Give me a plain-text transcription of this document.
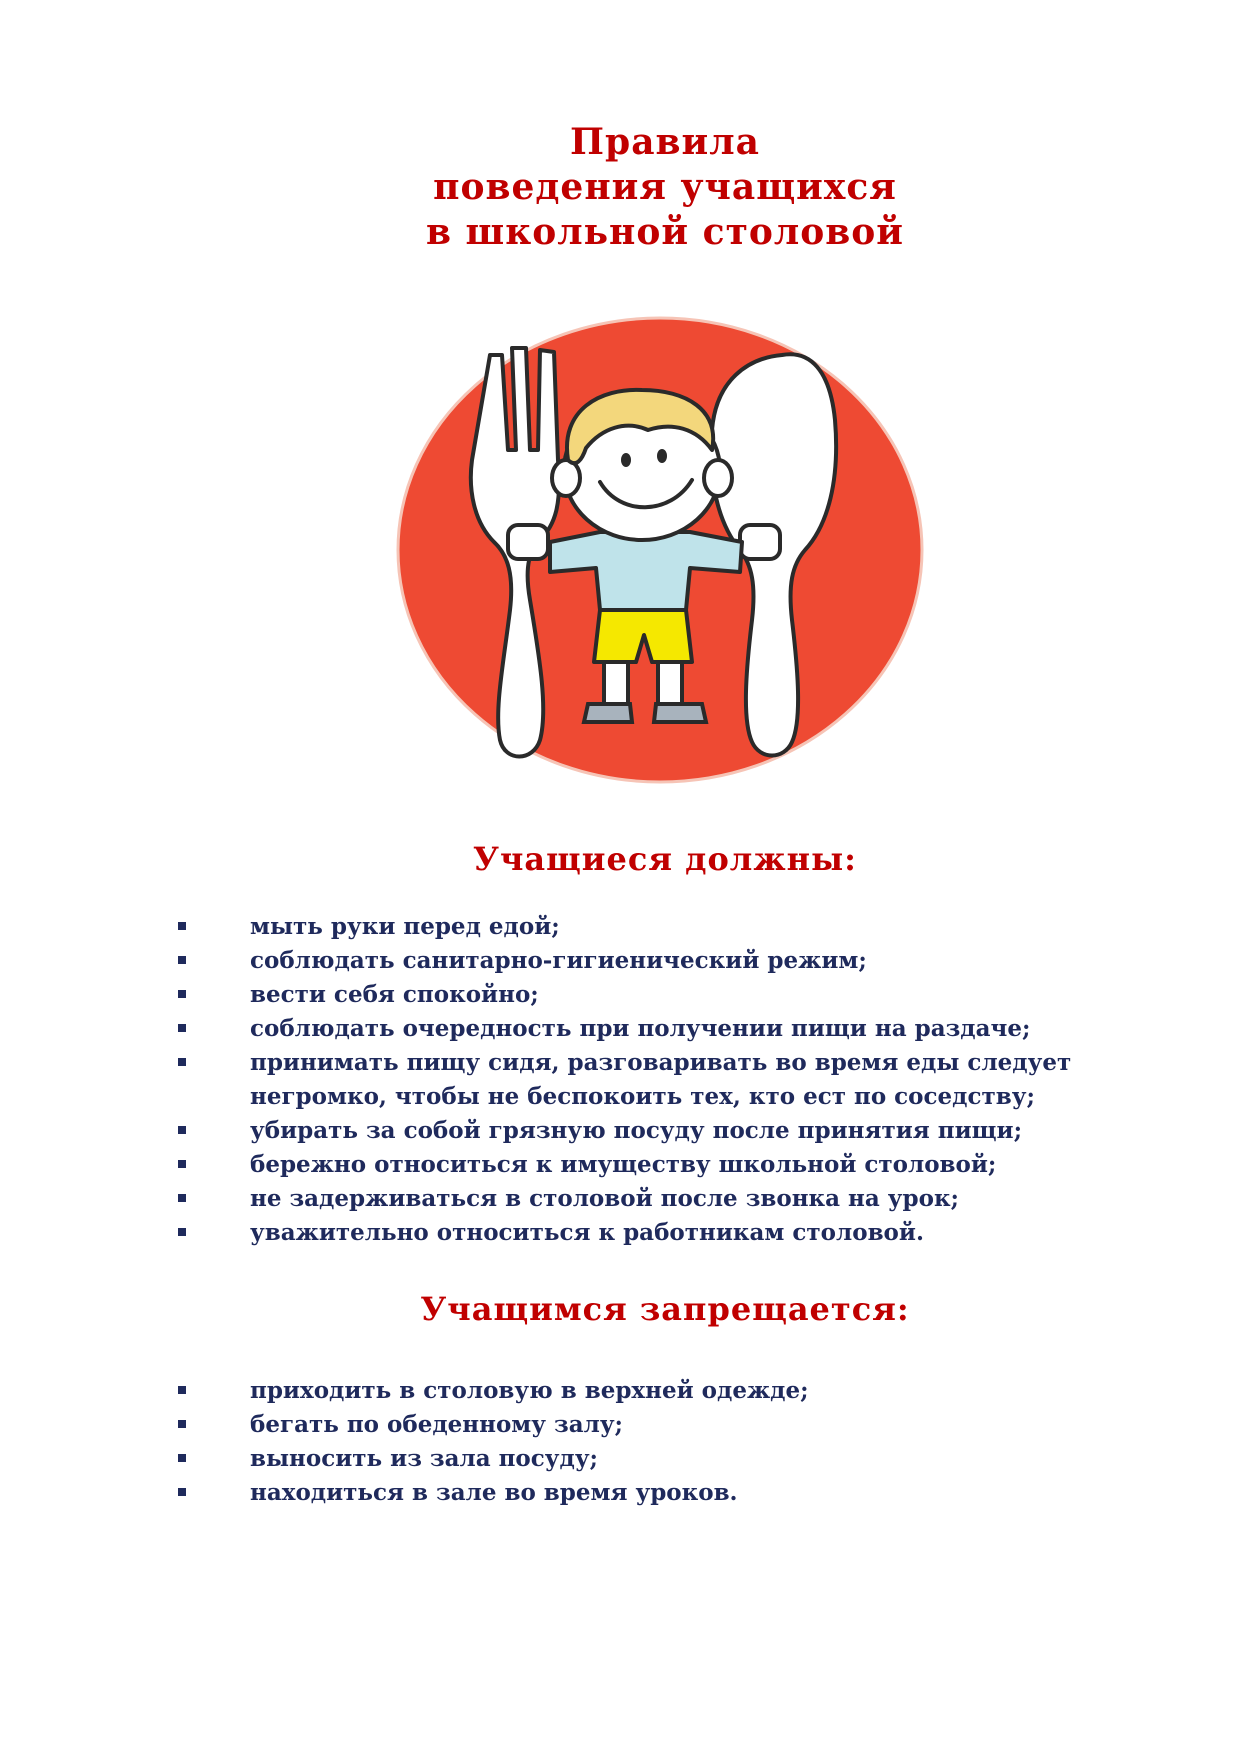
Правила
поведения учащихся
в школьной столовой
Учащиеся должны:
мыть руки перед едой;
соблюдать санитарно-гигиенический режим;
вести себя спокойно;
соблюдать очередность при получении пищи на раздаче;
принимать пищу сидя, разговаривать во время еды следует
негромко, чтобы не беспокоить тех, кто ест по соседству;
убирать за собой грязную посуду после принятия пищи;
бережно относиться к имуществу школьной столовой;
не задерживаться в столовой после звонка на урок;
уважительно относиться к работникам столовой.
Учащимся запрещается:
приходить в столовую в верхней одежде;
бегать по обеденному залу;
выносить из зала посуду;
находиться в зале во время уроков.
